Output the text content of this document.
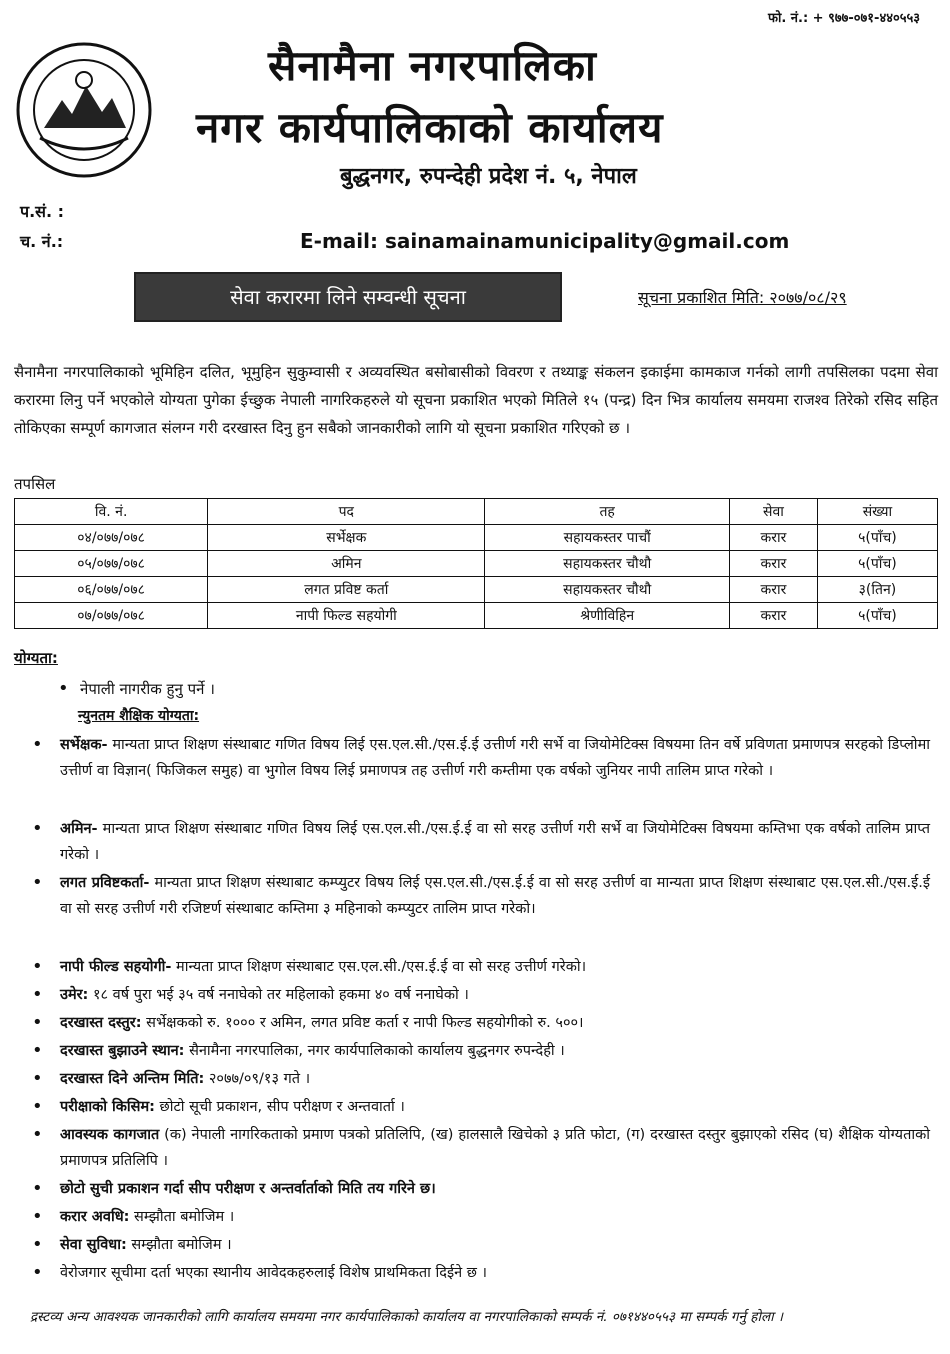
फो. नं.: + ९७७-०७१-४४०५५३
सैनामैना नगरपालिका
नगर कार्यपालिकाको कार्यालय
बुद्धनगर, रुपन्देही प्रदेश नं. ५, नेपाल
प.सं. :
च. नं.:	E-mail: sainamainamunicipality@gmail.com
सेवा करारमा लिने सम्वन्धी सूचना	सूचना प्रकाशित मिति: २०७७/०८/२९
सैनामैना नगरपालिकाको भूमिहिन दलित, भूमुहिन सुकुम्वासी र अव्यवस्थित बसोबासीको विवरण र तथ्याङ्क संकलन इकाईमा कामकाज गर्नको लागी तपसिलका पदमा सेवा करारमा लिनु पर्ने भएकोले योग्यता पुगेका ईच्छुक नेपाली नागरिकहरुले यो सूचना प्रकाशित भएको मितिले १५ (पन्द्र) दिन भित्र कार्यालय समयमा राजश्व तिरेको रसिद सहित तोकिएका सम्पूर्ण कागजात संलग्न गरी दरखास्त दिनु हुन सबैको जानकारीको लागि यो सूचना प्रकाशित गरिएको छ ।
तपसिल
वि. नं.	पद	तह	सेवा	संख्या
०४/०७७/०७८	सर्भेक्षक	सहायकस्तर पाचौं	करार	५(पाँच)
०५/०७७/०७८	अमिन	सहायकस्तर चौथौ	करार	५(पाँच)
०६/०७७/०७८	लगत प्रविष्ट कर्ता	सहायकस्तर चौथौ	करार	३(तिन)
०७/०७७/०७८	नापी फिल्ड सहयोगी	श्रेणीविहिन	करार	५(पाँच)
योग्यता:
• नेपाली नागरीक हुनु पर्ने ।
न्युनतम शैक्षिक योग्यता:
• सर्भेक्षक- मान्यता प्राप्त शिक्षण संस्थाबाट गणित विषय लिई एस.एल.सी./एस.ई.ई उत्तीर्ण गरी सर्भे वा जियोमेटिक्स विषयमा तिन वर्षे प्रविणता प्रमाणपत्र सरहको डिप्लोमा उत्तीर्ण वा विज्ञान( फिजिकल समुह) वा भुगोल विषय लिई प्रमाणपत्र तह उत्तीर्ण गरी कम्तीमा एक वर्षको जुनियर नापी तालिम प्राप्त गरेको ।
• अमिन- मान्यता प्राप्त शिक्षण संस्थाबाट गणित विषय लिई एस.एल.सी./एस.ई.ई वा सो सरह उत्तीर्ण गरी सर्भे वा जियोमेटिक्स विषयमा कम्तिभा एक वर्षको तालिम प्राप्त गरेको ।
• लगत प्रविष्टकर्ता- मान्यता प्राप्त शिक्षण संस्थाबाट कम्प्युटर विषय लिई एस.एल.सी./एस.ई.ई वा सो सरह उत्तीर्ण वा मान्यता प्राप्त शिक्षण संस्थाबाट एस.एल.सी./एस.ई.ई वा सो सरह उत्तीर्ण गरी रजिष्टर्ण संस्थाबाट कम्तिमा ३ महिनाको कम्प्युटर तालिम प्राप्त गरेको।
• नापी फील्ड सहयोगी- मान्यता प्राप्त शिक्षण संस्थाबाट एस.एल.सी./एस.ई.ई वा सो सरह उत्तीर्ण गरेको।
• उमेर: १८ वर्ष पुरा भई ३५ वर्ष ननाघेको तर महिलाको हकमा ४० वर्ष ननाघेको ।
• दरखास्त दस्तुर: सर्भेक्षकको रु. १००० र अमिन, लगत प्रविष्ट कर्ता र नापी फिल्ड सहयोगीको रु. ५००।
• दरखास्त बुझाउने स्थान: सैनामैना नगरपालिका, नगर कार्यपालिकाको कार्यालय बुद्धनगर रुपन्देही ।
• दरखास्त दिने अन्तिम मिति: २०७७/०९/१३ गते ।
• परीक्षाको किसिम: छोटो सूची प्रकाशन, सीप परीक्षण र अन्तवार्ता ।
• आवस्यक कागजात (क) नेपाली नागरिकताको प्रमाण पत्रको प्रतिलिपि, (ख) हालसालै खिचेको ३ प्रति फोटा, (ग) दरखास्त दस्तुर बुझाएको रसिद (घ) शैक्षिक योग्यताको प्रमाणपत्र प्रतिलिपि ।
• छोटो सुची प्रकाशन गर्दा सीप परीक्षण र अन्तर्वार्ताको मिति तय गरिने छ।
• करार अवधि: सम्झौता बमोजिम ।
• सेवा सुविधा: सम्झौता बमोजिम ।
• वेरोजगार सूचीमा दर्ता भएका स्थानीय आवेदकहरुलाई विशेष प्राथमिकता दिईने छ ।
द्रस्टव्य अन्य आवश्यक जानकारीको लागि कार्यालय समयमा नगर कार्यपालिकाको कार्यालय वा नगरपालिकाको सम्पर्क नं. ०७१४४०५५३ मा सम्पर्क गर्नु होला ।
